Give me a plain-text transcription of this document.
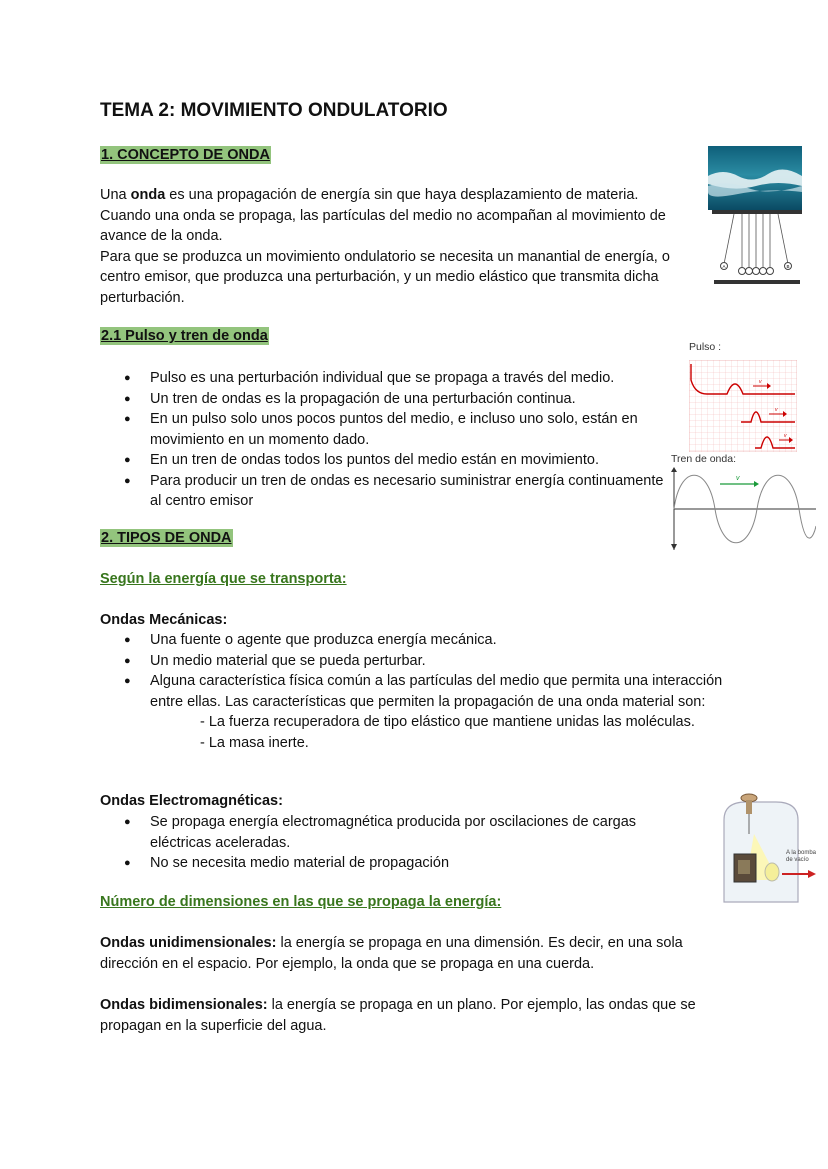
TEMA 2: MOVIMIENTO ONDULATORIO
1. CONCEPTO DE ONDA

Una onda es una propagación de energía sin que haya desplazamiento de materia.

Cuando una onda se propaga, las partículas del medio no acompañan al movimiento de avance de la onda.

Para que se produzca un movimiento ondulatorio se necesita un manantial de energía, o centro emisor, que produzca una perturbación, y un medio elástico que transmita dicha perturbación.

A	B
2.1 Pulso y tren de onda
● Pulso es una perturbación individual que se propaga a través del medio.
● Un tren de ondas es la propagación de una perturbación continua.
● En un pulso solo unos pocos puntos del medio, e incluso uno solo, están en movimiento en un momento dado.
● En un tren de ondas todos los puntos del medio están en movimiento.
● Para producir un tren de ondas es necesario suministrar energía continuamente al centro emisor
Pulso :
v
v
v
Tren de onda:
v
2. TIPOS DE ONDA
Según la energía que se transporta:
Ondas Mecánicas:
● Una fuente o agente que produzca energía mecánica.
● Un medio material que se pueda perturbar.
● Alguna característica física común a las partículas del medio que permita una interacción entre ellas. Las características que permiten la propagación de una onda material son:
- La fuerza recuperadora de tipo elástico que mantiene unidas las moléculas.
- La masa inerte.
Ondas Electromagnéticas:
● Se propaga energía electromagnética producida por oscilaciones de cargas eléctricas aceleradas.
● No se necesita medio material de propagación
A la bomba de vacío
Número de dimensiones en las que se propaga la energía:

Ondas unidimensionales: la energía se propaga en una dimensión. Es decir, en una sola dirección en el espacio. Por ejemplo, la onda que se propaga en una cuerda.

Ondas bidimensionales: la energía se propaga en un plano. Por ejemplo, las ondas que se propagan en la superficie del agua.
